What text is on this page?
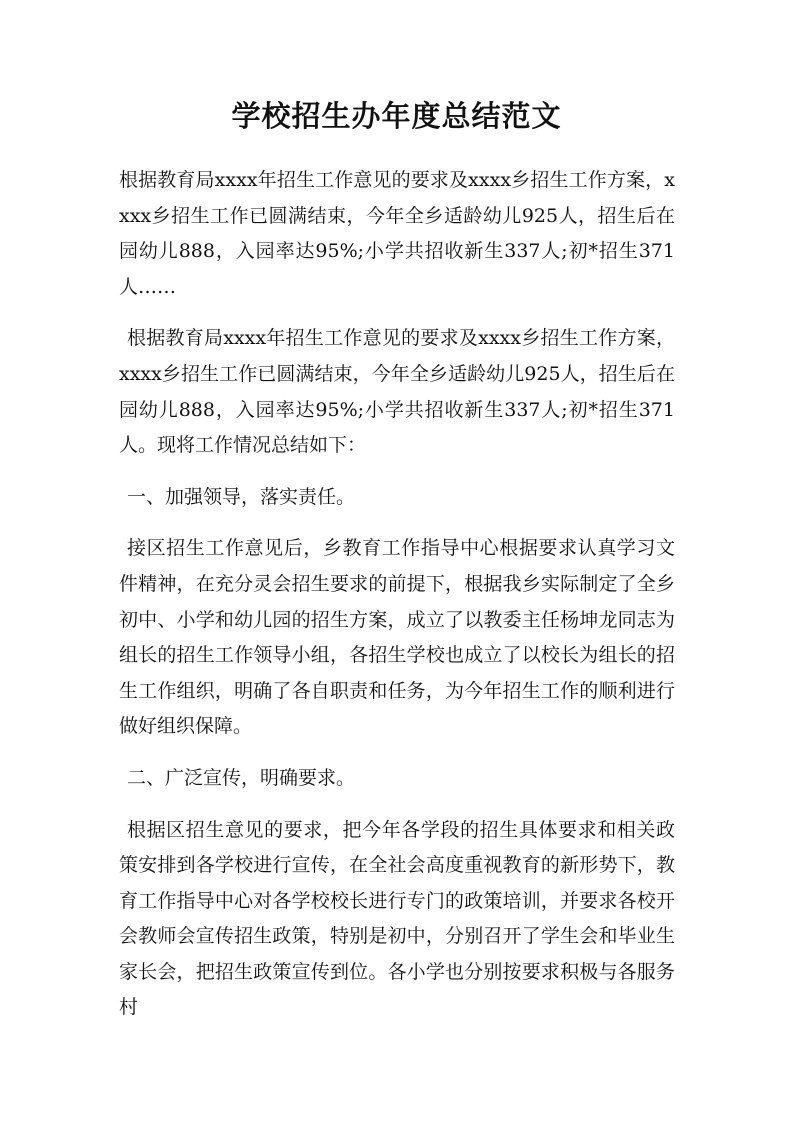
学校招生办年度总结范文

根据教育局xxxx年招生工作意见的要求及xxxx乡招生工作方案，xxxx乡招生工作已圆满结束，今年全乡适龄幼儿925人，招生后在园幼儿888，入园率达95%;小学共招收新生337人;初*招生371人……

根据教育局xxxx年招生工作意见的要求及xxxx乡招生工作方案，xxxx乡招生工作已圆满结束，今年全乡适龄幼儿925人，招生后在园幼儿888，入园率达95%;小学共招收新生337人;初*招生371人。现将工作情况总结如下：

一、加强领导，落实责任。

接区招生工作意见后，乡教育工作指导中心根据要求认真学习文件精神，在充分灵会招生要求的前提下，根据我乡实际制定了全乡初中、小学和幼儿园的招生方案，成立了以教委主任杨坤龙同志为组长的招生工作领导小组，各招生学校也成立了以校长为组长的招生工作组织，明确了各自职责和任务，为今年招生工作的顺利进行做好组织保障。

二、广泛宣传，明确要求。

根据区招生意见的要求，把今年各学段的招生具体要求和相关政策安排到各学校进行宣传，在全社会高度重视教育的新形势下，教育工作指导中心对各学校校长进行专门的政策培训，并要求各校开会教师会宣传招生政策，特别是初中，分别召开了学生会和毕业生家长会，把招生政策宣传到位。各小学也分别按要求积极与各服务村
